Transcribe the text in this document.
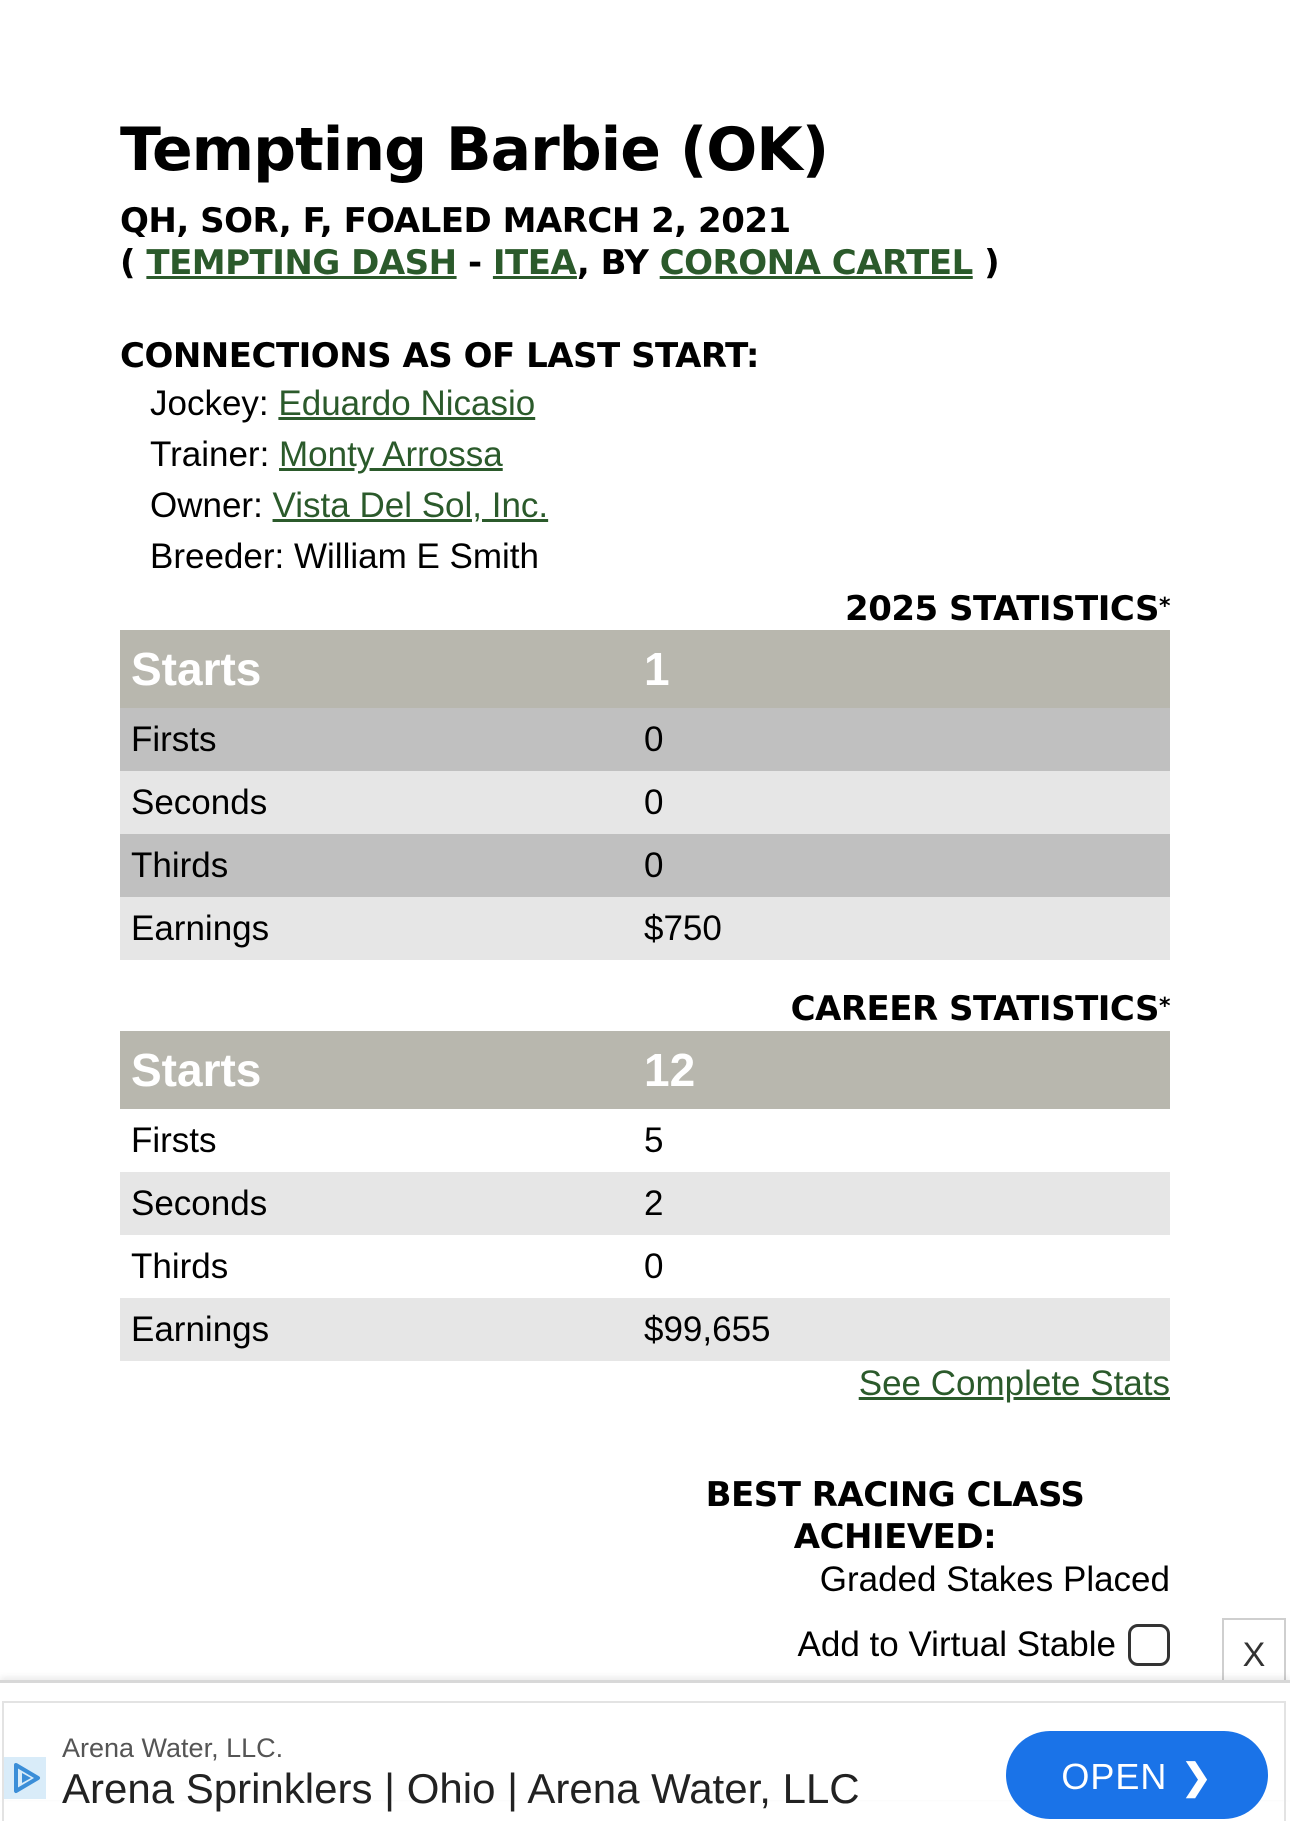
Tempting Barbie (OK)
QH, SOR, F, FOALED MARCH 2, 2021
( TEMPTING DASH - ITEA, BY CORONA CARTEL )
CONNECTIONS AS OF LAST START:
Jockey: Eduardo Nicasio
Trainer: Monty Arrossa
Owner: Vista Del Sol, Inc.
Breeder: William E Smith
2025 STATISTICS*
Starts	1
Firsts	0
Seconds	0
Thirds	0
Earnings	$750
CAREER STATISTICS*
Starts	12
Firsts	5
Seconds	2
Thirds	0
Earnings	$99,655
See Complete Stats
BEST RACING CLASS ACHIEVED:
Graded Stakes Placed
Add to Virtual Stable	X
Arena Water, LLC.
Arena Sprinklers | Ohio | Arena Water, LLC	OPEN ❯
